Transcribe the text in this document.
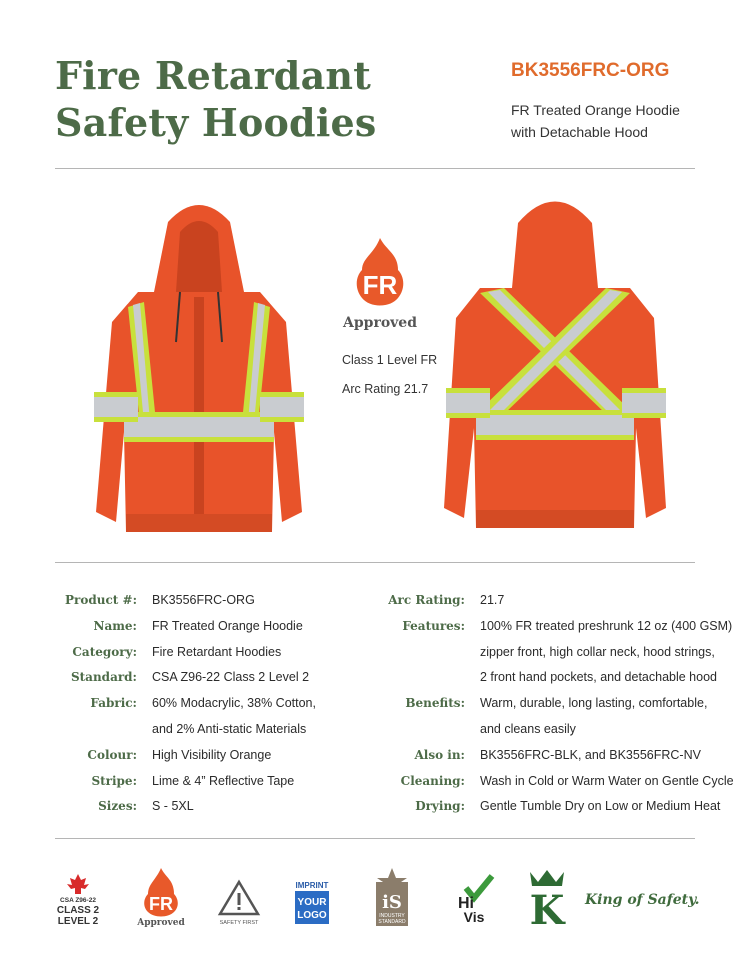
Fire Retardant
Safety Hoodies
BK3556FRC-ORG
FR Treated Orange Hoodie
with Detachable Hood
FR
Approved
Class 1 Level FR
Arc Rating 21.7
Product #: BK3556FRC-ORG
Name: FR Treated Orange Hoodie
Category: Fire Retardant Hoodies
Standard: CSA Z96-22 Class 2 Level 2
Fabric: 60% Modacrylic, 38% Cotton,
and 2% Anti-static Materials
Colour: High Visibility Orange
Stripe: Lime & 4” Reflective Tape
Sizes: S - 5XL
Arc Rating: 21.7
Features: 100% FR treated preshrunk 12 oz (400 GSM)
zipper front, high collar neck, hood strings,
2 front hand pockets, and detachable hood
Benefits: Warm, durable, long lasting, comfortable,
and cleans easily
Also in: BK3556FRC-BLK, and BK3556FRC-NV
Cleaning: Wash in Cold or Warm Water on Gentle Cycle
Drying: Gentle Tumble Dry on Low or Medium Heat
CSA Z96-22
CLASS 2
LEVEL 2
FR
Approved	SAFETY FIRST
IMPRINT
YOUR
LOGO
iS
INDUSTRY
STANDARD
Hi
Vis K King of Safety.
